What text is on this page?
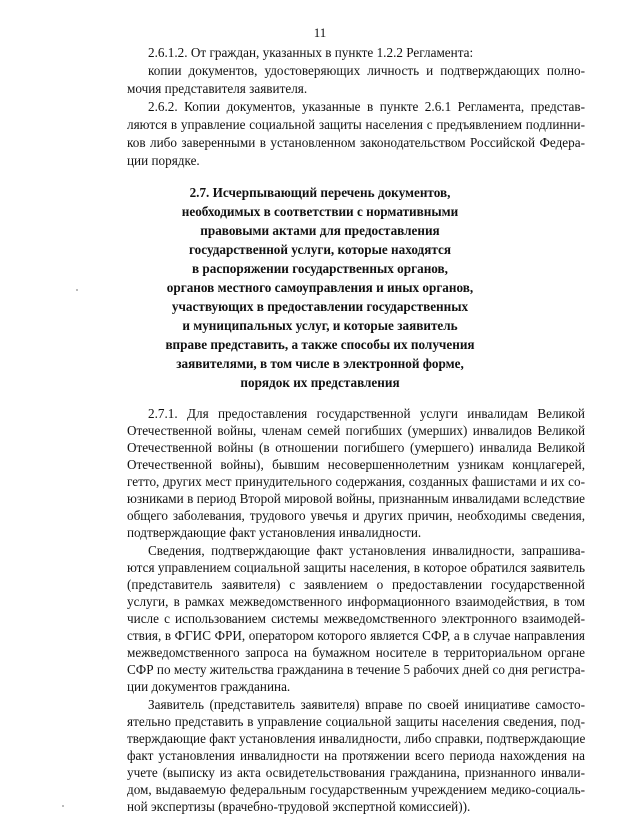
11
2.6.1.2. От граждан, указанных в пункте 1.2.2 Регламента:
копии документов, удостоверяющих личность и подтверждающих полно-
мочия представителя заявителя.
2.6.2. Копии документов, указанные в пункте 2.6.1 Регламента, представ-
ляются в управление социальной защиты населения с предъявлением подлинни-
ков либо заверенными в установленном законодательством Российской Федера-
ции порядке.
2.7. Исчерпывающий перечень документов,
необходимых в соответствии с нормативными
правовыми актами для предоставления
государственной услуги, которые находятся
в распоряжении государственных органов,
органов местного самоуправления и иных органов,
участвующих в предоставлении государственных
и муниципальных услуг, и которые заявитель
вправе представить, а также способы их получения
заявителями, в том числе в электронной форме,
порядок их представления
2.7.1. Для предоставления государственной услуги инвалидам Великой
Отечественной войны, членам семей погибших (умерших) инвалидов Великой
Отечественной войны (в отношении погибшего (умершего) инвалида Великой
Отечественной войны), бывшим несовершеннолетним узникам концлагерей,
гетто, других мест принудительного содержания, созданных фашистами и их со-
юзниками в период Второй мировой войны, признанным инвалидами вследствие
общего заболевания, трудового увечья и других причин, необходимы сведения,
подтверждающие факт установления инвалидности.
Сведения, подтверждающие факт установления инвалидности, запрашива-
ются управлением социальной защиты населения, в которое обратился заявитель
(представитель заявителя) с заявлением о предоставлении государственной
услуги, в рамках межведомственного информационного взаимодействия, в том
числе с использованием системы межведомственного электронного взаимодей-
ствия, в ФГИС ФРИ, оператором которого является СФР, а в случае направления
межведомственного запроса на бумажном носителе в территориальном органе
СФР по месту жительства гражданина в течение 5 рабочих дней со дня регистра-
ции документов гражданина.
Заявитель (представитель заявителя) вправе по своей инициативе самосто-
ятельно представить в управление социальной защиты населения сведения, под-
тверждающие факт установления инвалидности, либо справки, подтверждающие
факт установления инвалидности на протяжении всего периода нахождения на
учете (выписку из акта освидетельствования гражданина, признанного инвали-
дом, выдаваемую федеральным государственным учреждением медико-социаль-
ной экспертизы (врачебно-трудовой экспертной комиссией)).
